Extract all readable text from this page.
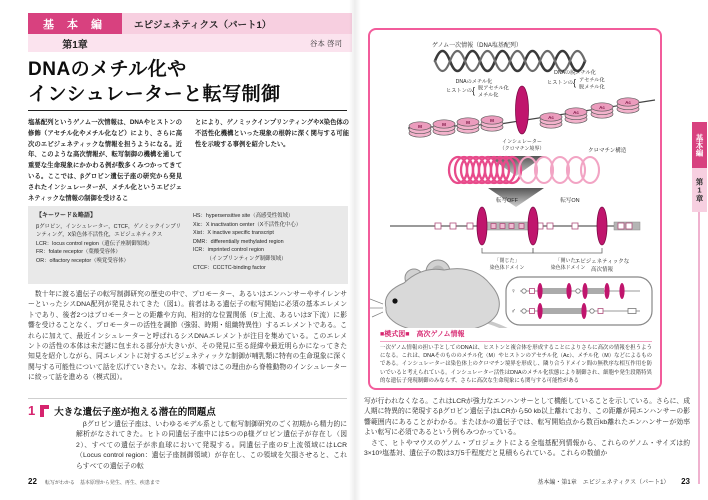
基 本 編	エピジェネティクス（パート1）
第1章	谷本 啓司
DNAのメチル化や
インシュレーターと転写制御
塩基配列というゲノム一次情報は、DNAやヒストンの修飾（アセチル化やメチル化など）により、さらに高次のエピジェネティックな情報を担うようになる。近年、このような高次情報が、転写制御の機構を通して重要な生命現象にかかわる例が数多くみつかってきている。ここでは、βグロビン遺伝子座の研究から発見されたインシュレーターが、メチル化というエピジェネティックな情報の制御を受けるこ
とにより、ゲノミックインプリンティングやX染色体の不活性化機構といった現象の根幹に深く関与する可能性を示唆する事例を紹介したい。
【キーワード＆略語】
βグロビン，インシュレーター，CTCF，ゲノミックインプリンティング，X染色体不活性化，エピジェネティクス
LCR：locus control region（遺伝子座制御領域）
FR：folate receptor（葉酸受容体）
OR：olfactory receptor（嗅覚受容体）
HS：hypersensitive site（高感受性領域）
Xic：X inactivation center（X不活性化中心）
Xist：X inactive specific transcript
DMR：differentially methylated region
ICR：imprinted control region
　　　（インプリンティング制御領域）
CTCF：CCCTC-binding factor
　数十年に渡る遺伝子の転写制御研究の歴史の中で、プロモーター、あるいはエンハンサーやサイレンサーといったシスDNA配列が発見されてきた（図1）。前者はある遺伝子の転写開始に必須の基本エレメントであり、後者2つはプロモーターとの距離や方向、相対的な位置関係（5'上流、あるいは3'下流）に影響を受けることなく、プロモーターの活性を調節（強弱、時期・組織特異性）するエレメントである。これらに加えて、最近インシュレーターと呼ばれるシスDNAエレメントが注目を集めている。このエレメントの活性の本体は未だ謎に包まれる部分が大きいが、その発見に至る経緯や最近明らかになってきた知見を紹介しながら、同エレメントに対するエピジェネティックな制御が哺乳類に特有の生命現象に深く関与する可能性について話を広げていきたい。なお、本稿ではこの理由から脊椎動物のインシュレーターに絞って話を進める（模式図）。
1 大きな遺伝子座が抱える潜在的問題点
　βグロビン遺伝子座は、いわゆるモデル系として転写制御研究のごく初期から精力的に解析がなされてきた。ヒトの同遺伝子座中には5つのβ様グロビン遺伝子が存在し（図2）、すべての遺伝子が赤血球において発現する。同遺伝子座の5'上流領域にはLCR（Locus control region：遺伝子座制御領域）が存在し、この領域を欠損させると、これらすべての遺伝子の転
22 転写がわかる　基本原理から発生、再生、疾患まで
ゲノム一次情報（DNA塩基配列）
DNAのメチル化
ヒストンの { 脱アセチル化
メチル化
DNAの脱メチル化
ヒストンの { アセチル化
脱メチル化
M	M	M	M
Ac
Ac
Ac
Ac
インシュレーター
（クロマチン境界）	クロマチン構造
転写OFF	転写ON
「閉じた」
染色体ドメイン
「開いた」
染色体ドメイン
エピジェネティックな
高次情報
♀
♂
■模式図■　高次ゲノム情報
一次ゲノム情報の担い手としてのDNAは、ヒストンと複合体を形成することによりさらに高次の情報を担うようになる。これは、DNAそのもののメチル化（M）やヒストンのアセチル化（Ac）、メチル化（M）などによるものである。インシュレーターは染色体上のクロマチン境界を形成し、隣り合うドメイン間の無秩序な相互作用を防いでいると考えられている。インシュレーター活性はDNAのメチル化状態により制御され、細胞や発生段階特異的な遺伝子発現制御のみならず、さらに高次な生命現象にも関与する可能性がある
写が行われなくなる。これはLCRが強力なエンハンサーとして機能していることを示している。さらに、成人期に特異的に発現するβグロビン遺伝子はLCRから50 kb以上離れており、この距離が同エンハンサーの影響範囲内にあることがわかる。またほかの遺伝子では、転写開始点から数百kb離れたエンハンサーが効率よい転写に必須であるという例もみつかっている。
　さて、ヒトやマウスのゲノム・プロジェクトによる全塩基配列情報から、これらのゲノム・サイズは約3×10⁹塩基対、遺伝子の数は3万5千程度だと見積もられている。これらの数値か
基本編・第1章　エピジェネティクス（パート1） 23
基本編
第1章
